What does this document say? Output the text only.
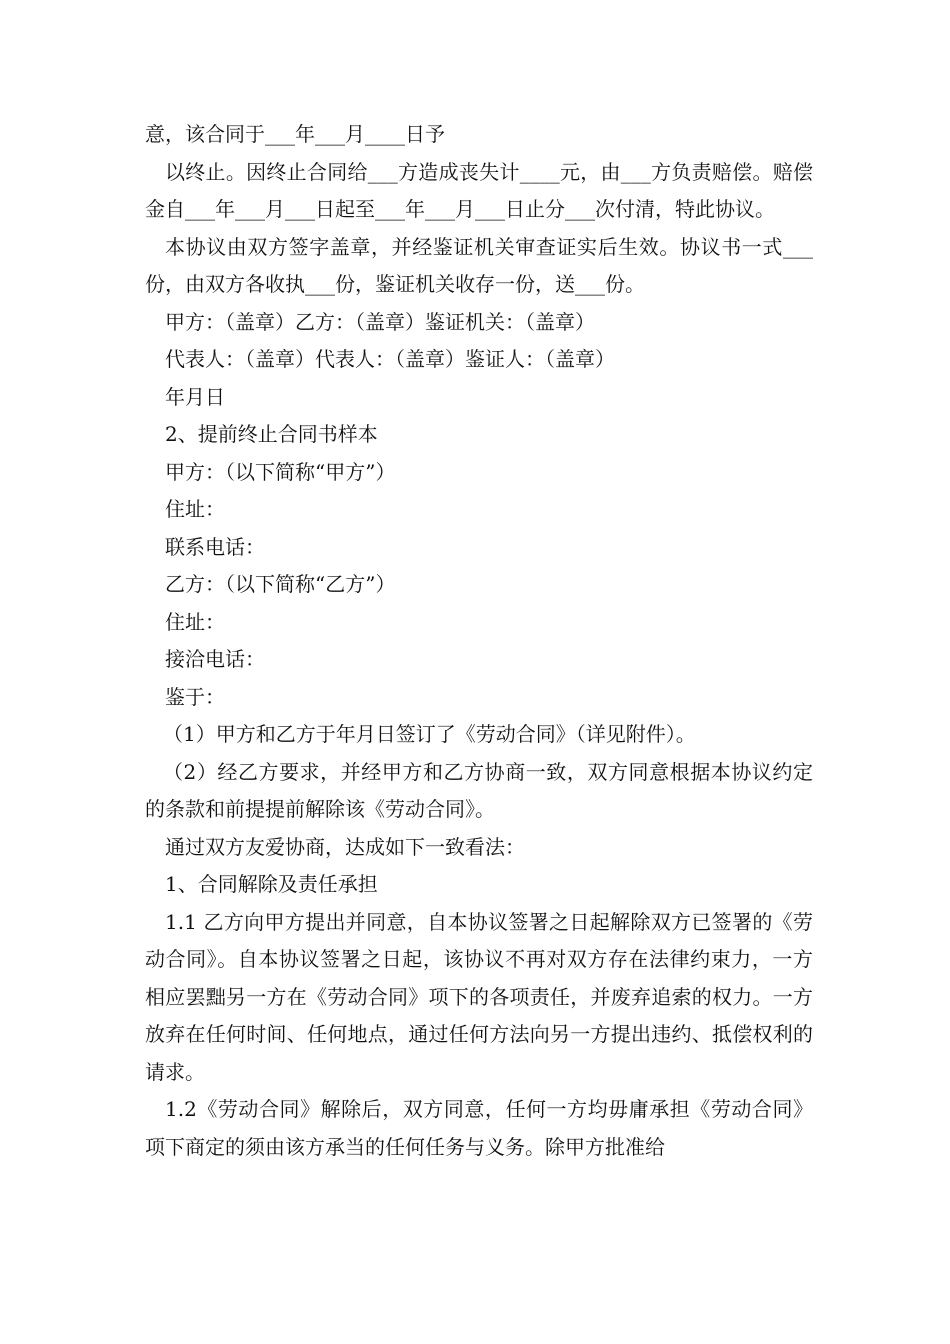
意，该合同于___年___月____日予

以终止。因终止合同给___方造成丧失计____元，由___方负责赔偿。赔偿金自___年___月___日起至___年___月___日止分___次付清，特此协议。

本协议由双方签字盖章，并经鉴证机关审查证实后生效。协议书一式___份，由双方各收执___份，鉴证机关收存一份，送___份。

甲方：（盖章）乙方：（盖章）鉴证机关：（盖章）

代表人：（盖章）代表人：（盖章）鉴证人：（盖章）

年月日

2、提前终止合同书样本

甲方：（以下简称“甲方”）

住址：

联系电话：

乙方：（以下简称“乙方”）

住址：

接洽电话：

鉴于：

（1）甲方和乙方于年月日签订了《劳动合同》（详见附件）。

（2）经乙方要求，并经甲方和乙方协商一致，双方同意根据本协议约定的条款和前提提前解除该《劳动合同》。

通过双方友爱协商，达成如下一致看法：

1、合同解除及责任承担

1.1 乙方向甲方提出并同意，自本协议签署之日起解除双方已签署的《劳动合同》。自本协议签署之日起，该协议不再对双方存在法律约束力，一方相应罢黜另一方在《劳动合同》项下的各项责任，并废弃追索的权力。一方放弃在任何时间、任何地点，通过任何方法向另一方提出违约、抵偿权利的请求。

1.2《劳动合同》解除后，双方同意，任何一方均毋庸承担《劳动合同》项下商定的须由该方承当的任何任务与义务。除甲方批准给
